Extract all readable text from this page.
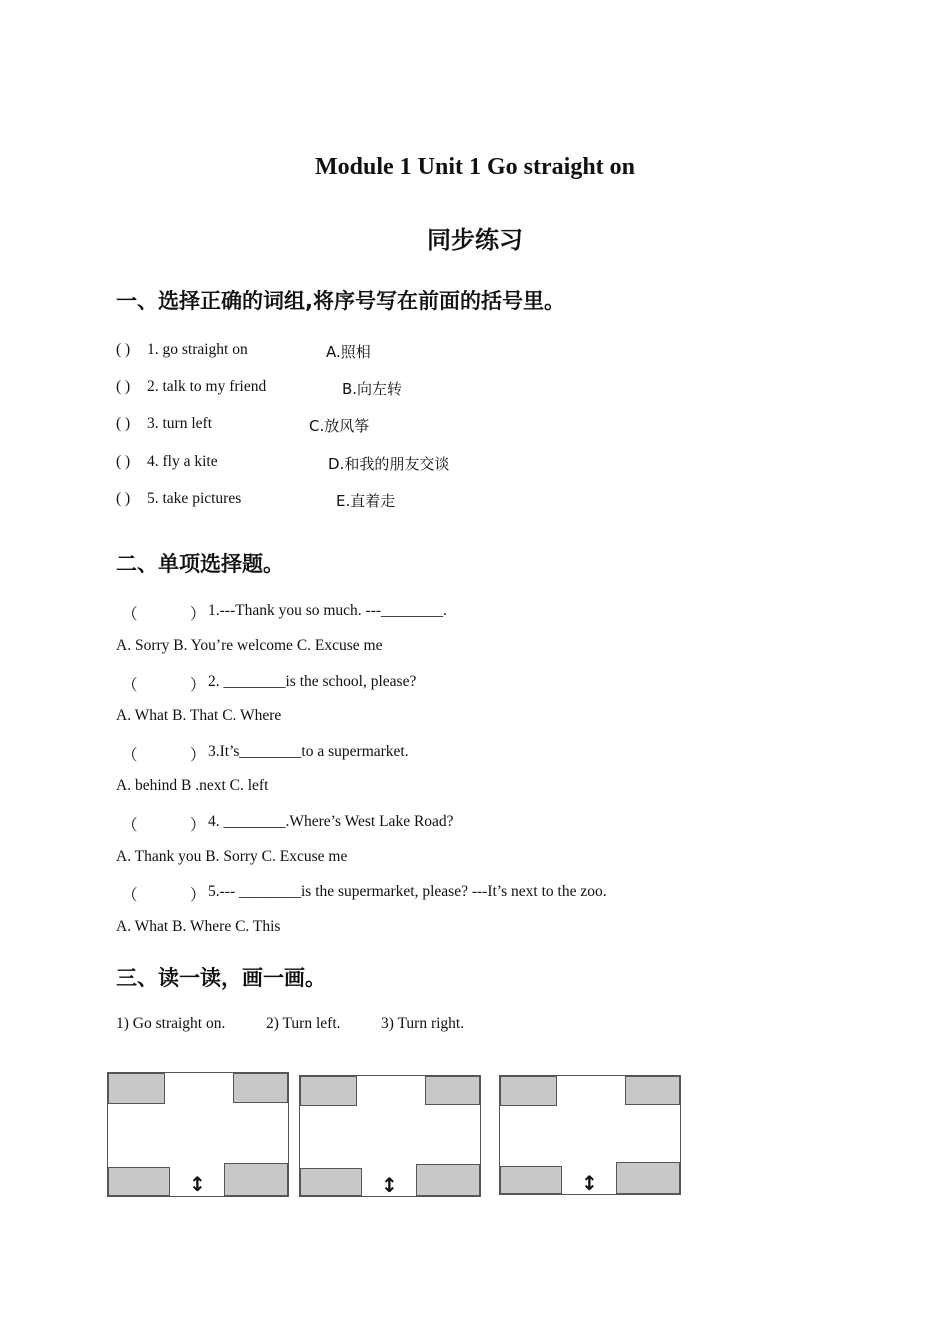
Module 1 Unit 1 Go straight on
同步练习
一、选择正确的词组,将序号写在前面的括号里。
( ) 1. go straight on	A.照相
( ) 2. talk to my friend	B.向左转
( ) 3. turn left	C.放风筝
( ) 4. fly a kite	D.和我的朋友交谈
( ) 5. take pictures	E.直着走
二、单项选择题。
（	） 1.---Thank you so much. ---________.
A. Sorry B. You’re welcome C. Excuse me
（	） 2. ________is the school, please?
A. What B. That C. Where
（	） 3.It’s________to a supermarket.
A. behind B .next C. left
（	） 4. ________.Where’s West Lake Road?
A. Thank you B. Sorry C. Excuse me
（	） 5.--- ________is the supermarket, please? ---It’s next to the zoo.
A. What B. Where C. This
三、读一读，画一画。
1) Go straight on.	2) Turn left.	3) Turn right.
↕	↕	↕
